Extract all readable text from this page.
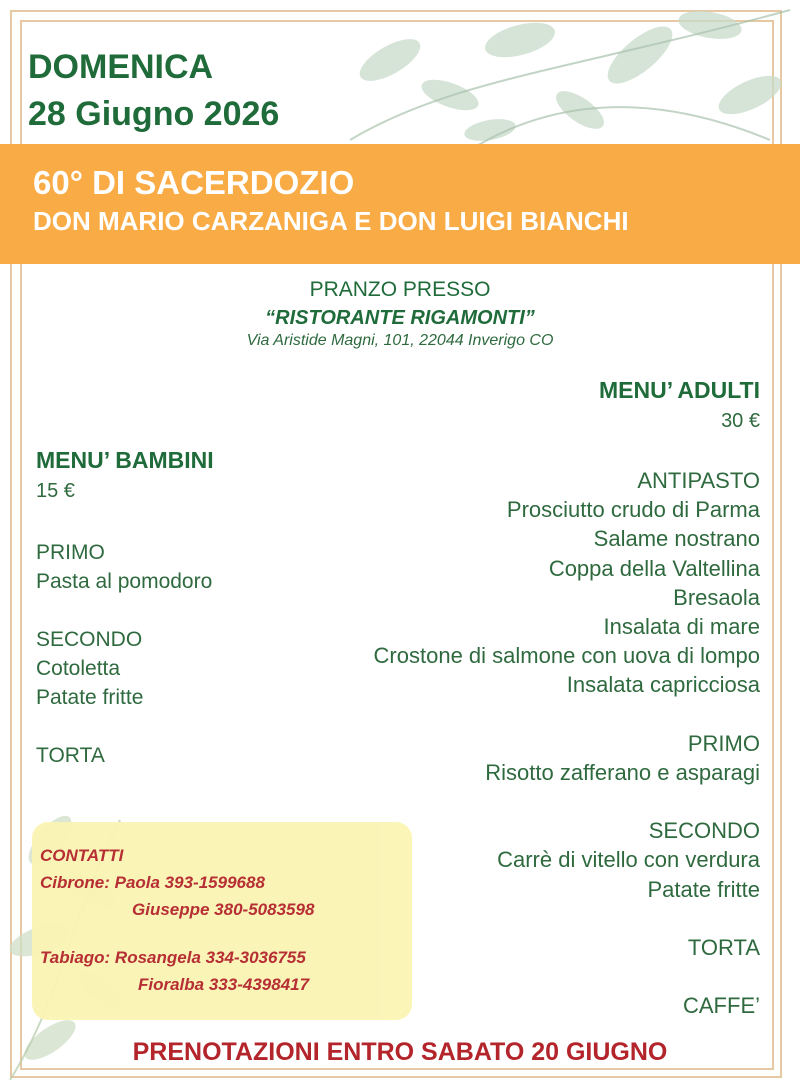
DOMENICA
28 Giugno 2026
60° DI SACERDOZIO
DON MARIO CARZANIGA E DON LUIGI BIANCHI
PRANZO PRESSO
“RISTORANTE RIGAMONTI”
Via Aristide Magni, 101, 22044 Inverigo CO
MENU’ ADULTI
30 €
MENU’ BAMBINI
15 €
PRIMO
Pasta al pomodoro
SECONDO
Cotoletta
Patate fritte
TORTA
ANTIPASTO
Prosciutto crudo di Parma
Salame nostrano
Coppa della Valtellina
Bresaola
Insalata di mare
Crostone di salmone con uova di lompo
Insalata capricciosa
PRIMO
Risotto zafferano e asparagi
SECONDO
Carrè di vitello con verdura
Patate fritte
TORTA
CAFFE’
CONTATTI
Cibrone: Paola 393-1599688
Giuseppe 380-5083598
Tabiago: Rosangela 334-3036755
Fioralba 333-4398417
PRENOTAZIONI ENTRO SABATO 20 GIUGNO
